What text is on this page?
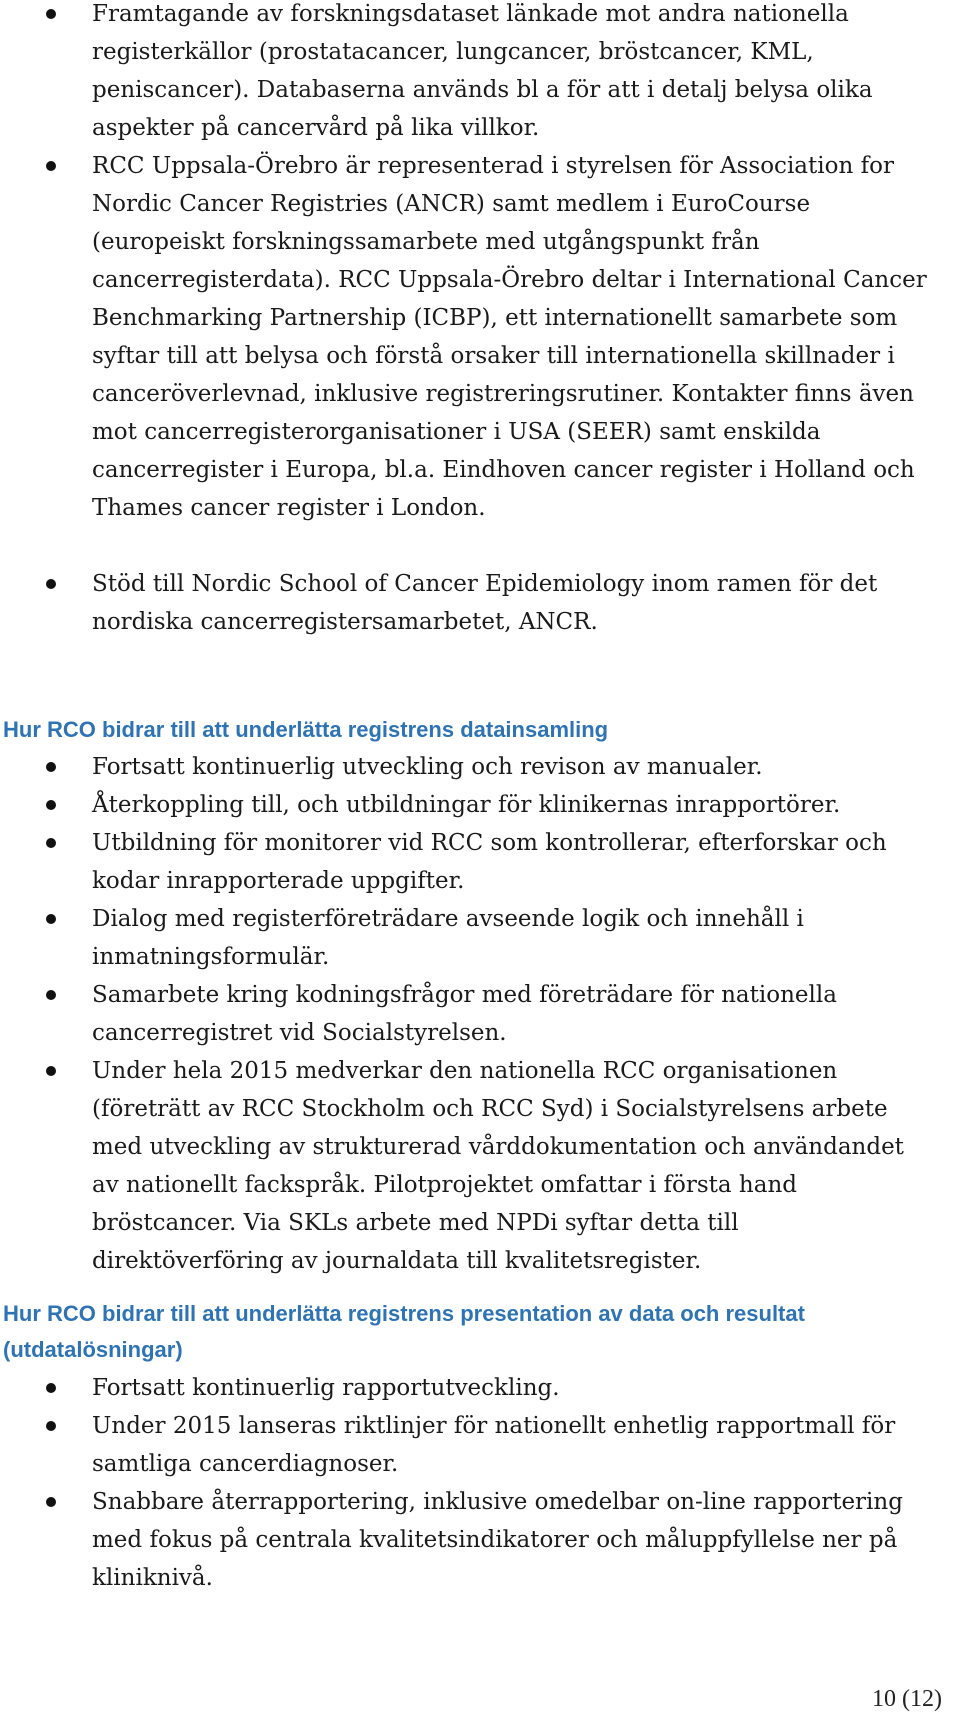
Framtagande av forskningsdataset länkade mot andra nationella registerkällor (prostatacancer, lungcancer, bröstcancer, KML, peniscancer). Databaserna används bl a för att i detalj belysa olika aspekter på cancervård på lika villkor.
RCC Uppsala-Örebro är representerad i styrelsen för Association for Nordic Cancer Registries (ANCR) samt medlem i EuroCourse (europeiskt forskningssamarbete med utgångspunkt från cancerregisterdata). RCC Uppsala-Örebro deltar i International Cancer Benchmarking Partnership (ICBP), ett internationellt samarbete som syftar till att belysa och förstå orsaker till internationella skillnader i canceröverlevnad, inklusive registreringsrutiner. Kontakter finns även mot cancerregisterorganisationer i USA (SEER) samt enskilda cancerregister i Europa, bl.a. Eindhoven cancer register i Holland och Thames cancer register i London.
Stöd till Nordic School of Cancer Epidemiology inom ramen för det nordiska cancerregistersamarbetet, ANCR.
Hur RCO bidrar till att underlätta registrens datainsamling
Fortsatt kontinuerlig utveckling och revison av manualer.
Återkoppling till, och utbildningar för klinikernas inrapportörer.
Utbildning för monitorer vid RCC som kontrollerar, efterforskar och kodar inrapporterade uppgifter.
Dialog med registerföreträdare avseende logik och innehåll i inmatningsformulär.
Samarbete kring kodningsfrågor med företrädare för nationella cancerregistret vid Socialstyrelsen.
Under hela 2015 medverkar den nationella RCC organisationen (företrätt av RCC Stockholm och RCC Syd) i Socialstyrelsens arbete med utveckling av strukturerad vårddokumentation och användandet av nationellt fackspråk. Pilotprojektet omfattar i första hand bröstcancer. Via SKLs arbete med NPDi syftar detta till direktöverföring av journaldata till kvalitetsregister.
Hur RCO bidrar till att underlätta registrens presentation av data och resultat (utdatalösningar)
Fortsatt kontinuerlig rapportutveckling.
Under 2015 lanseras riktlinjer för nationellt enhetlig rapportmall för samtliga cancerdiagnoser.
Snabbare återrapportering, inklusive omedelbar on-line rapportering med fokus på centrala kvalitetsindikatorer och måluppfyllelse ner på kliniknivå.
10 (12)
